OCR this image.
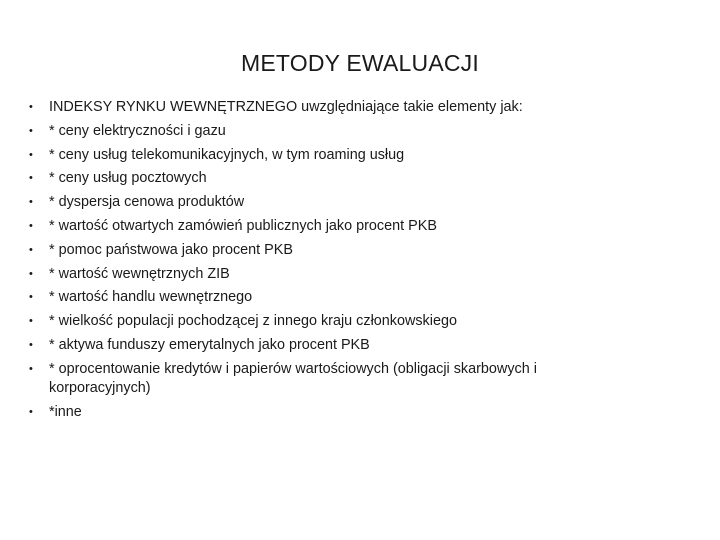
METODY EWALUACJI
• INDEKSY RYNKU WEWNĘTRZNEGO uwzględniające takie elementy jak:
• * ceny elektryczności i gazu
• * ceny usług telekomunikacyjnych, w tym roaming usług
• * ceny usług pocztowych
• * dyspersja cenowa produktów
• * wartość otwartych zamówień publicznych jako procent PKB
• * pomoc państwowa jako procent PKB
• * wartość wewnętrznych ZIB
• * wartość handlu wewnętrznego
• * wielkość populacji pochodzącej z innego kraju członkowskiego
• * aktywa funduszy emerytalnych jako procent PKB
• * oprocentowanie kredytów i papierów wartościowych (obligacji skarbowych i korporacyjnych)
• *inne
